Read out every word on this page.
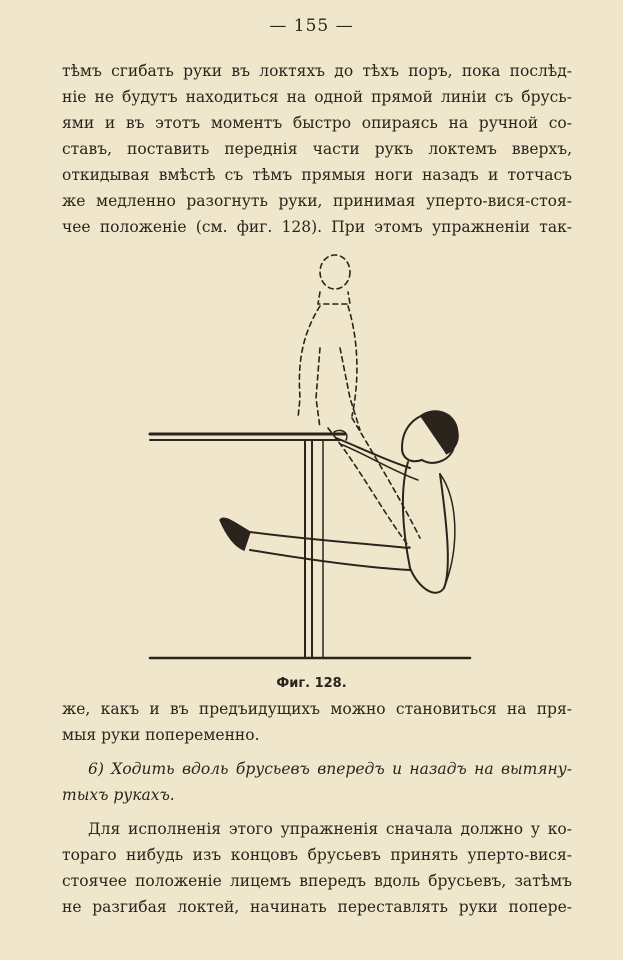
— 155 —
тѣмъ сгибать руки въ локтяхъ до тѣхъ поръ, пока послѣд-
нiе не будутъ находиться на одной прямой линiи съ брусь-
ями и въ этотъ моментъ быстро опираясь на ручной со-
ставъ, поставить переднiя части рукъ локтемъ вверхъ,
откидывая вмѣстѣ съ тѣмъ прямыя ноги назадъ и тотчасъ
же медленно разогнуть руки, принимая уперто-вися-стоя-
чее положенiе (см. фиг. 128). При этомъ упражненiи так-
Фиг. 128.
же, какъ и въ предъидущихъ можно становиться на пря-
мыя руки попеременно.
6) Ходить вдоль брусьевъ впередъ и назадъ на вытяну-
тыхъ рукахъ.
Для исполненiя этого упражненiя сначала должно у ко-
тораго нибудь изъ концовъ брусьевъ принять уперто-вися-
стоячее положенiе лицемъ впередъ вдоль брусьевъ, затѣмъ
не разгибая локтей, начинать переставлять руки попере-
